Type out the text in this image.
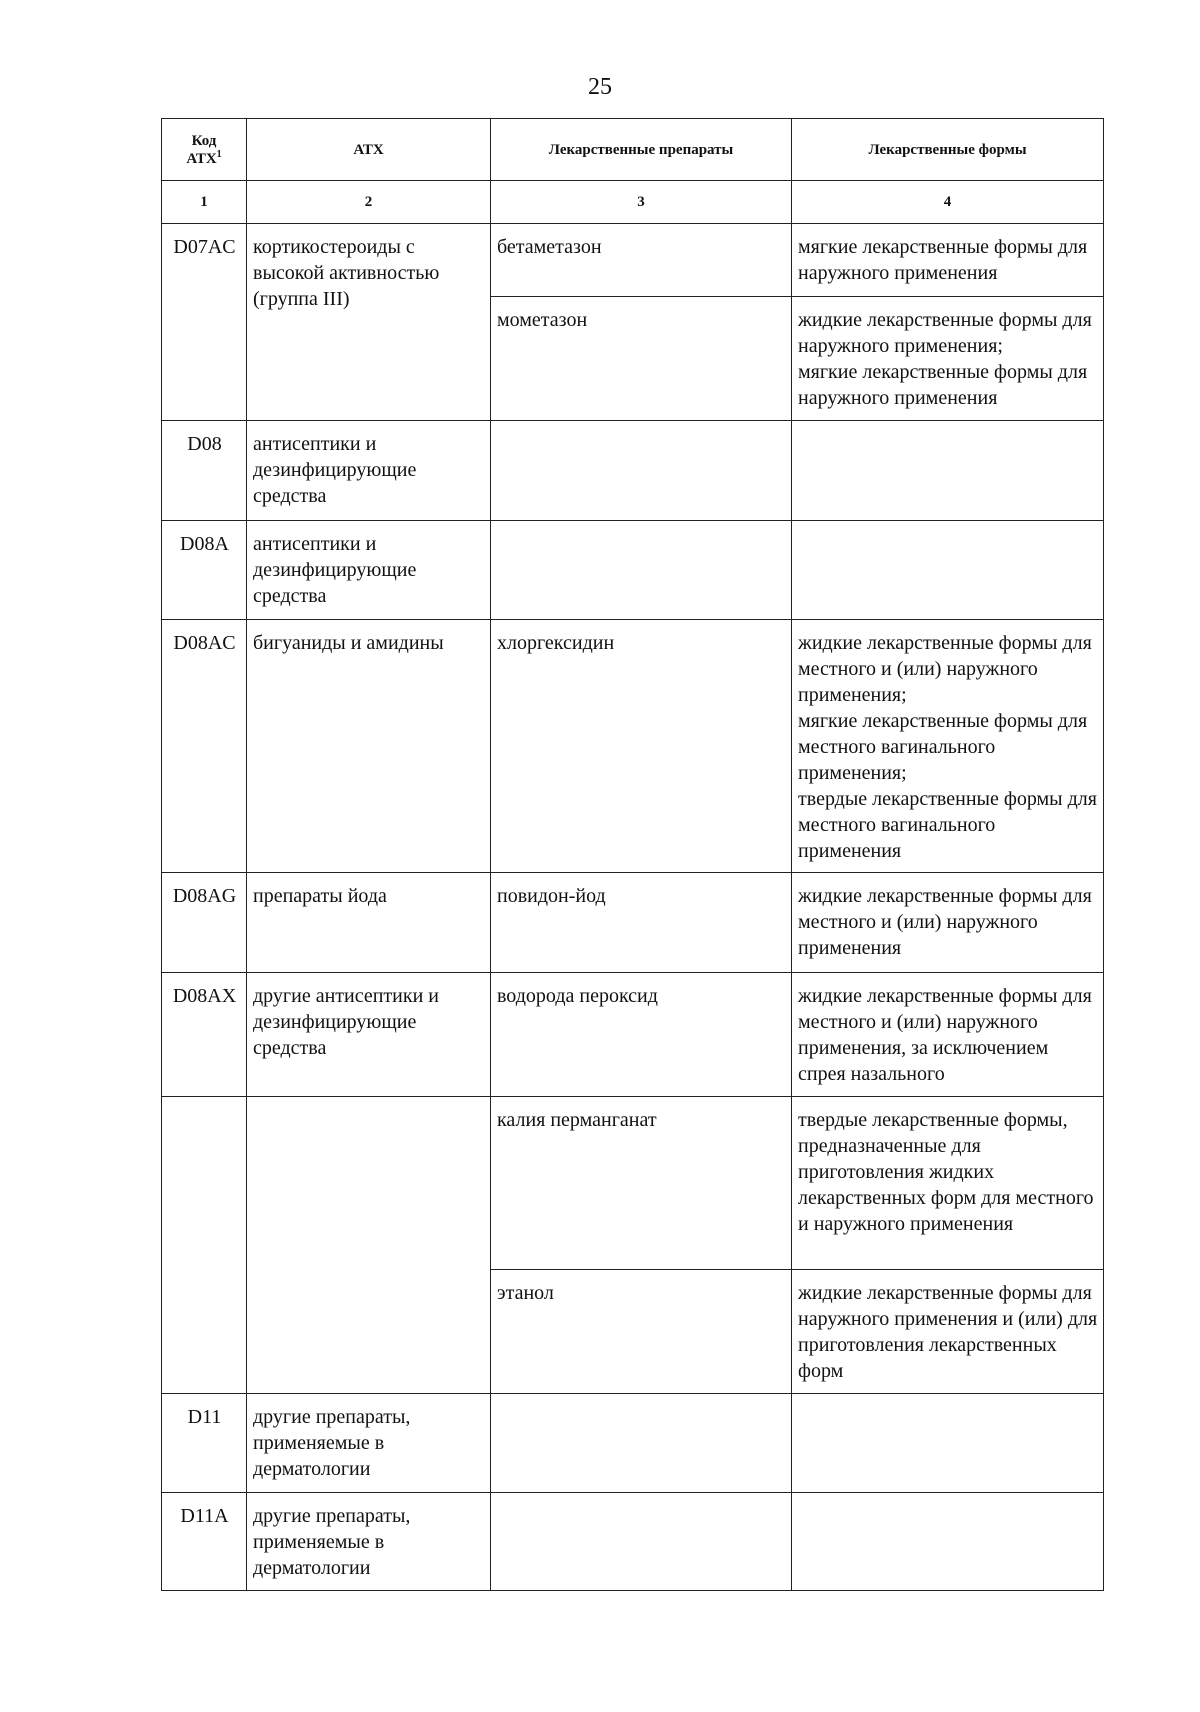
25
Код
АТХ$^1$	АТХ	Лекарственные препараты	Лекарственные формы
1	2	3	4
D07AC	кортикостероиды с высокой активностью (группа III)	бетаметазон	мягкие лекарственные формы для наружного применения

		мометазон	жидкие лекарственные формы для наружного применения;
мягкие лекарственные формы для наружного применения

D08	антисептики и дезинфицирующие средства		
D08A	антисептики и дезинфицирующие средства		
D08AC	бигуаниды и амидины	хлоргексидин	жидкие лекарственные формы для местного и (или) наружного применения;
мягкие лекарственные формы для местного вагинального применения;
твердые лекарственные формы для местного вагинального применения

D08AG	препараты йода	повидон-йод	жидкие лекарственные формы для местного и (или) наружного применения

D08AX	другие антисептики и дезинфицирующие средства	водорода пероксид	жидкие лекарственные формы для местного и (или) наружного применения, за исключением спрея назального

		калия перманганат	твердые лекарственные формы, предназначенные для приготовления жидких лекарственных форм для местного и наружного применения

		этанол	жидкие лекарственные формы для наружного применения и (или) для приготовления лекарственных форм

D11	другие препараты, применяемые в дерматологии		
D11A	другие препараты, применяемые в дерматологии		
